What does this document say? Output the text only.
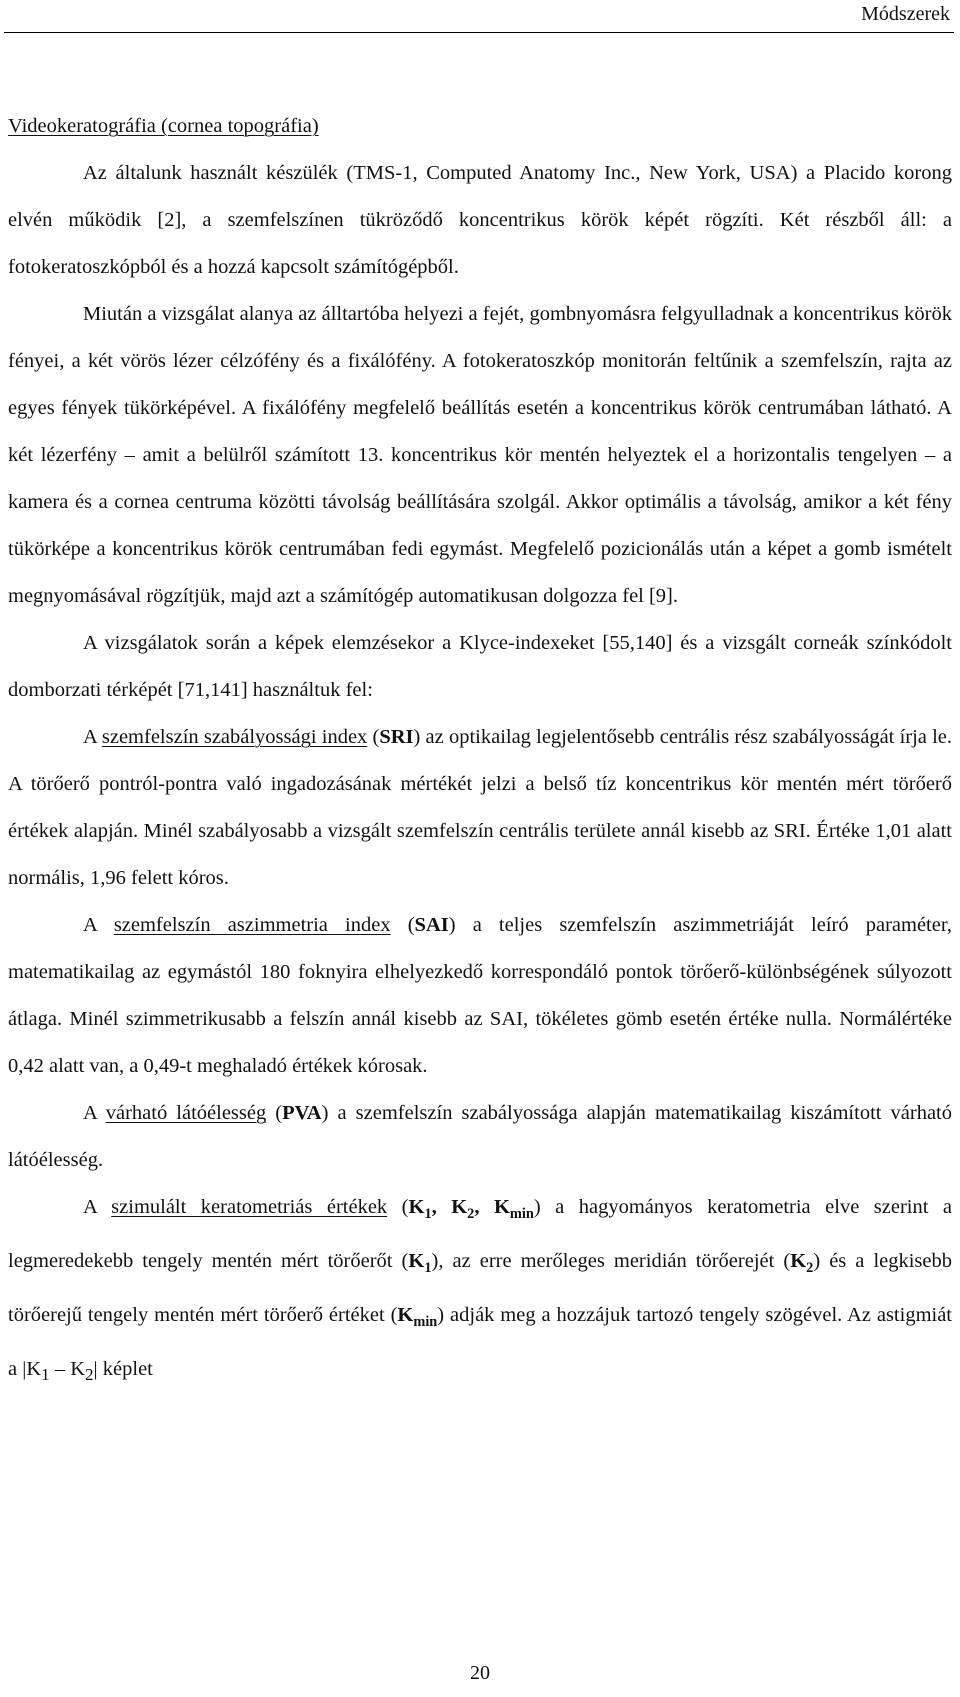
Módszerek
Videokeratográfia (cornea topográfia)

Az általunk használt készülék (TMS-1, Computed Anatomy Inc., New York, USA) a Placido korong elvén működik [2], a szemfelszínen tükröződő koncentrikus körök képét rögzíti. Két részből áll: a fotokeratoszkópból és a hozzá kapcsolt számítógépből.

Miután a vizsgálat alanya az álltartóba helyezi a fejét, gombnyomásra felgyulladnak a koncentrikus körök fényei, a két vörös lézer célzófény és a fixálófény. A fotokeratoszkóp monitorán feltűnik a szemfelszín, rajta az egyes fények tükörképével. A fixálófény megfelelő beállítás esetén a koncentrikus körök centrumában látható. A két lézerfény – amit a belülről számított 13. koncentrikus kör mentén helyeztek el a horizontalis tengelyen – a kamera és a cornea centruma közötti távolság beállítására szolgál. Akkor optimális a távolság, amikor a két fény tükörképe a koncentrikus körök centrumában fedi egymást. Megfelelő pozicionálás után a képet a gomb ismételt megnyomásával rögzítjük, majd azt a számítógép automatikusan dolgozza fel [9].

A vizsgálatok során a képek elemzésekor a Klyce-indexeket [55,140] és a vizsgált corneák színkódolt domborzati térképét [71,141] használtuk fel:

A szemfelszín szabályossági index (SRI) az optikailag legjelentősebb centrális rész szabályosságát írja le. A törőerő pontról-pontra való ingadozásának mértékét jelzi a belső tíz koncentrikus kör mentén mért törőerő értékek alapján. Minél szabályosabb a vizsgált szemfelszín centrális területe annál kisebb az SRI. Értéke 1,01 alatt normális, 1,96 felett kóros.

A szemfelszín aszimmetria index (SAI) a teljes szemfelszín aszimmetriáját leíró paraméter, matematikailag az egymástól 180 foknyira elhelyezkedő korrespondáló pontok törőerő-különbségének súlyozott átlaga. Minél szimmetrikusabb a felszín annál kisebb az SAI, tökéletes gömb esetén értéke nulla. Normálértéke 0,42 alatt van, a 0,49-t meghaladó értékek kórosak.

A várható látóélesség (PVA) a szemfelszín szabályossága alapján matematikailag kiszámított várható látóélesség.

A szimulált keratometriás értékek ($K_1$, $K_2$, $K_{min}$) a hagyományos keratometria elve szerint a legmeredekebb tengely mentén mért törőerőt $(K_1)$, az erre merőleges meridián törőerejét $(K_2)$ és a legkisebb törőerejű tengely mentén mért törőerő értéket $(K_{min})$ adják meg a hozzájuk tartozó tengely szögével. Az astigmiát a $|K_1 - K_2|$ képlet

20
